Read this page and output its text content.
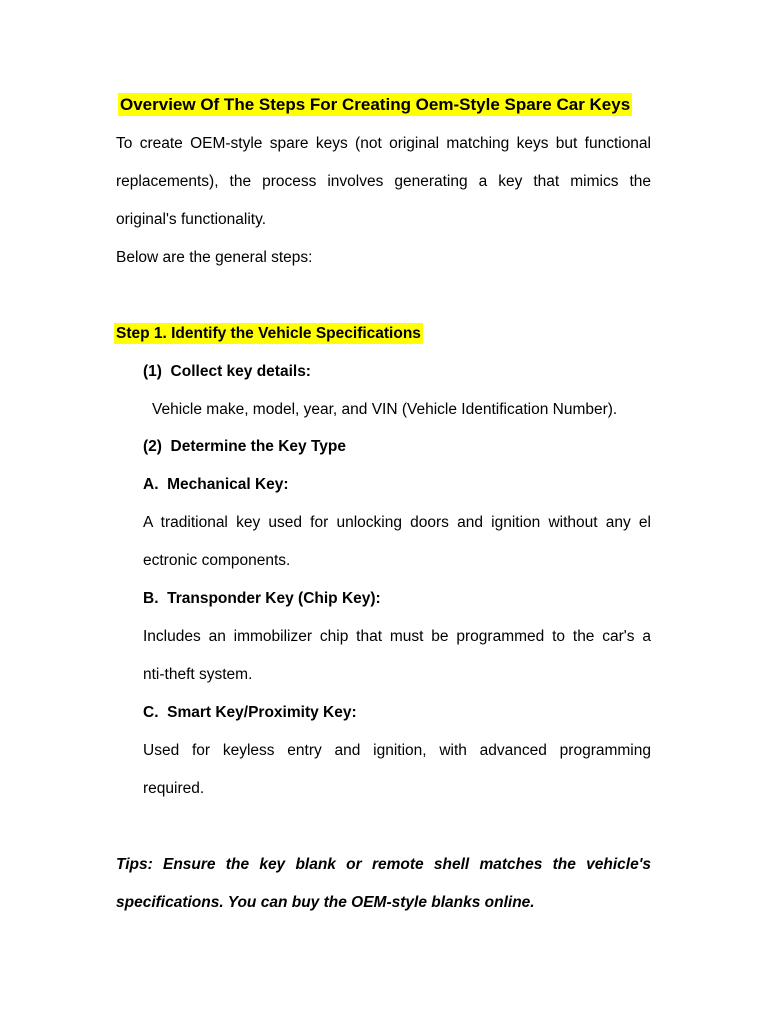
Overview Of The Steps For Creating Oem-Style Spare Car Keys
To create OEM-style spare keys (not original matching keys but functional
replacements), the process involves generating a key that mimics the
original's functionality.
Below are the general steps:
Step 1. Identify the Vehicle Specifications
(1)  Collect key details:
Vehicle make, model, year, and VIN (Vehicle Identification Number).
(2)  Determine the Key Type
A.  Mechanical Key:
A traditional key used for unlocking doors and ignition without any el
ectronic components.
B.  Transponder Key (Chip Key):
Includes an immobilizer chip that must be programmed to the car's a
nti-theft system.
C.  Smart Key/Proximity Key:
Used for keyless entry and ignition, with advanced programming
required.
Tips: Ensure the key blank or remote shell matches the vehicle's
specifications. You can buy the OEM-style blanks online.
